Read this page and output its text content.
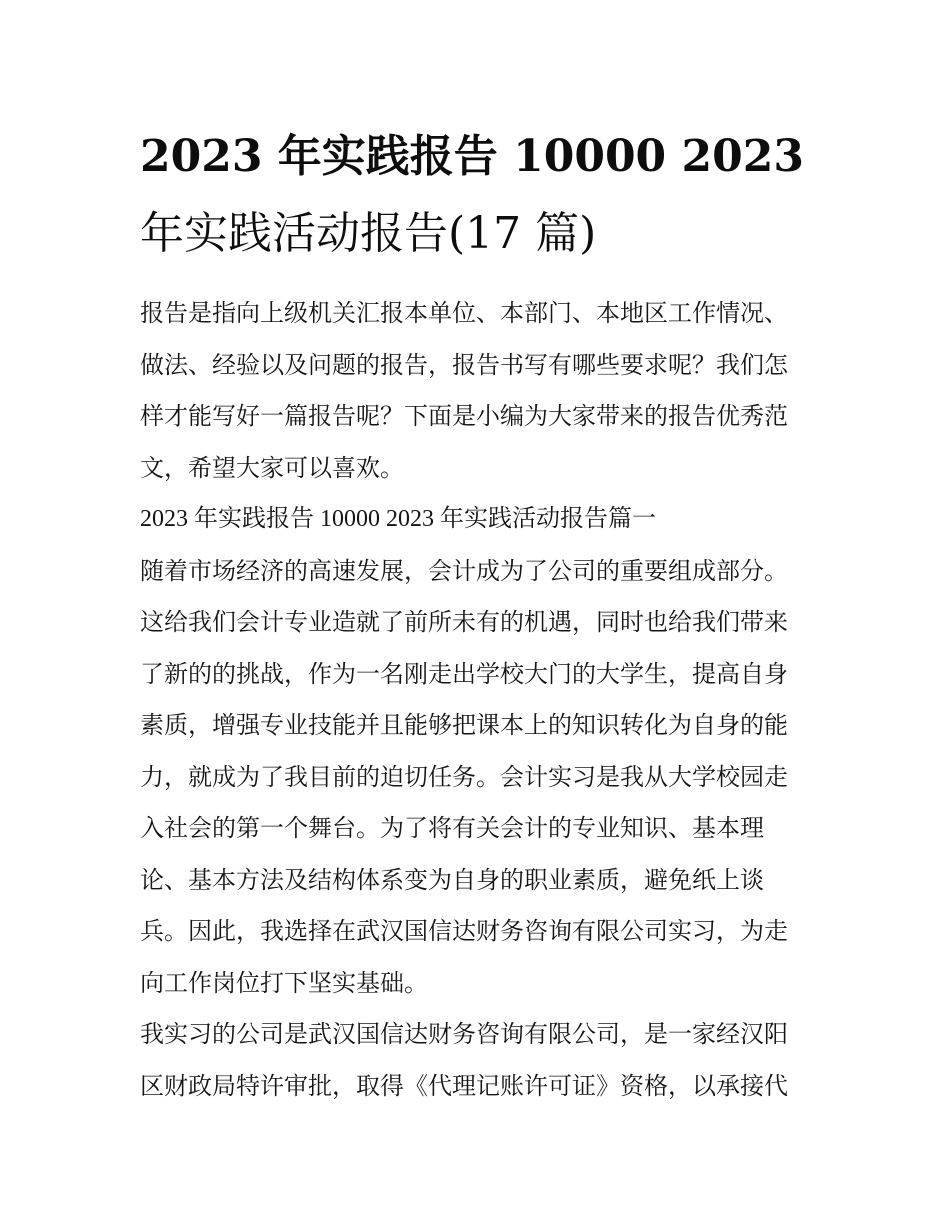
2023 年实践报告 10000 2023
年实践活动报告(17 篇)

报告是指向上级机关汇报本单位、本部门、本地区工作情况、
做法、经验以及问题的报告，报告书写有哪些要求呢？我们怎
样才能写好一篇报告呢？下面是小编为大家带来的报告优秀范
文，希望大家可以喜欢。

2023 年实践报告 10000 2023 年实践活动报告篇一

随着市场经济的高速发展，会计成为了公司的重要组成部分。
这给我们会计专业造就了前所未有的机遇，同时也给我们带来
了新的的挑战，作为一名刚走出学校大门的大学生，提高自身
素质，增强专业技能并且能够把课本上的知识转化为自身的能
力，就成为了我目前的迫切任务。会计实习是我从大学校园走
入社会的第一个舞台。为了将有关会计的专业知识、基本理
论、基本方法及结构体系变为自身的职业素质，避免纸上谈
兵。因此，我选择在武汉国信达财务咨询有限公司实习，为走
向工作岗位打下坚实基础。

我实习的公司是武汉国信达财务咨询有限公司，是一家经汉阳
区财政局特许审批，取得《代理记账许可证》资格，以承接代
